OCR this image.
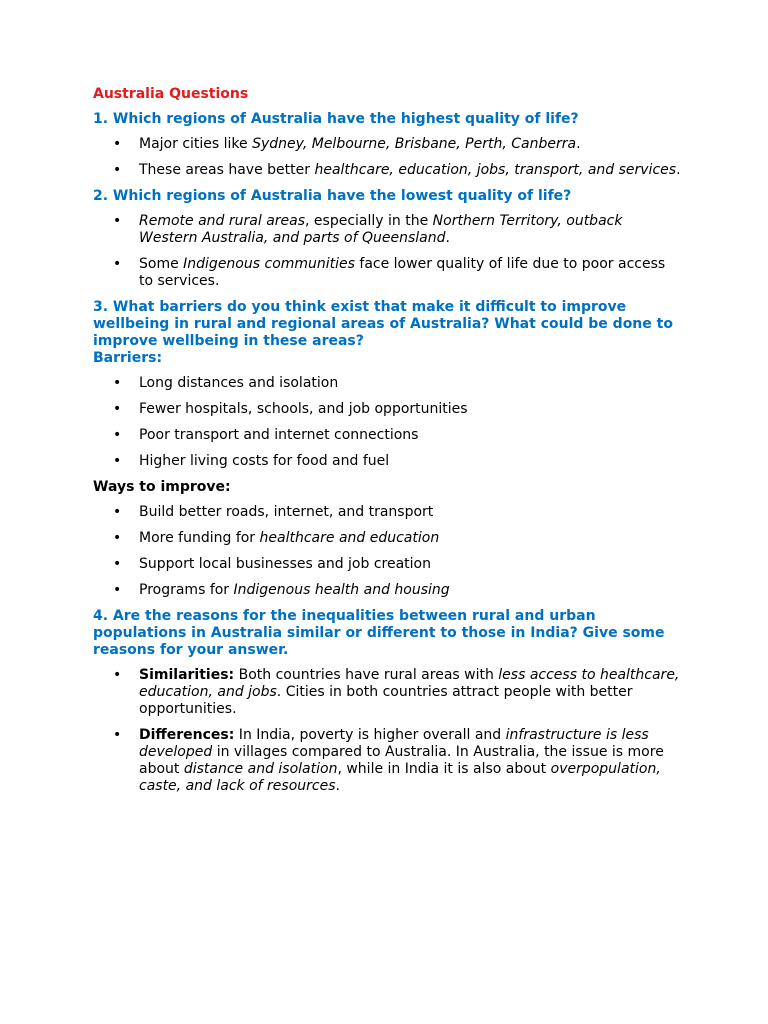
Australia Questions

1. Which regions of Australia have the highest quality of life?

• Major cities like Sydney, Melbourne, Brisbane, Perth, Canberra.
• These areas have better healthcare, education, jobs, transport, and services.

2. Which regions of Australia have the lowest quality of life?

• Remote and rural areas, especially in the Northern Territory, outback Western Australia, and parts of Queensland.
• Some Indigenous communities face lower quality of life due to poor access to services.

3. What barriers do you think exist that make it difficult to improve wellbeing in rural and regional areas of Australia? What could be done to improve wellbeing in these areas?
Barriers:

• Long distances and isolation
• Fewer hospitals, schools, and job opportunities
• Poor transport and internet connections
• Higher living costs for food and fuel

Ways to improve:

• Build better roads, internet, and transport
• More funding for healthcare and education
• Support local businesses and job creation
• Programs for Indigenous health and housing

4. Are the reasons for the inequalities between rural and urban populations in Australia similar or different to those in India? Give some reasons for your answer.

• Similarities: Both countries have rural areas with less access to healthcare, education, and jobs. Cities in both countries attract people with better opportunities.
• Differences: In India, poverty is higher overall and infrastructure is less developed in villages compared to Australia. In Australia, the issue is more about distance and isolation, while in India it is also about overpopulation, caste, and lack of resources.
